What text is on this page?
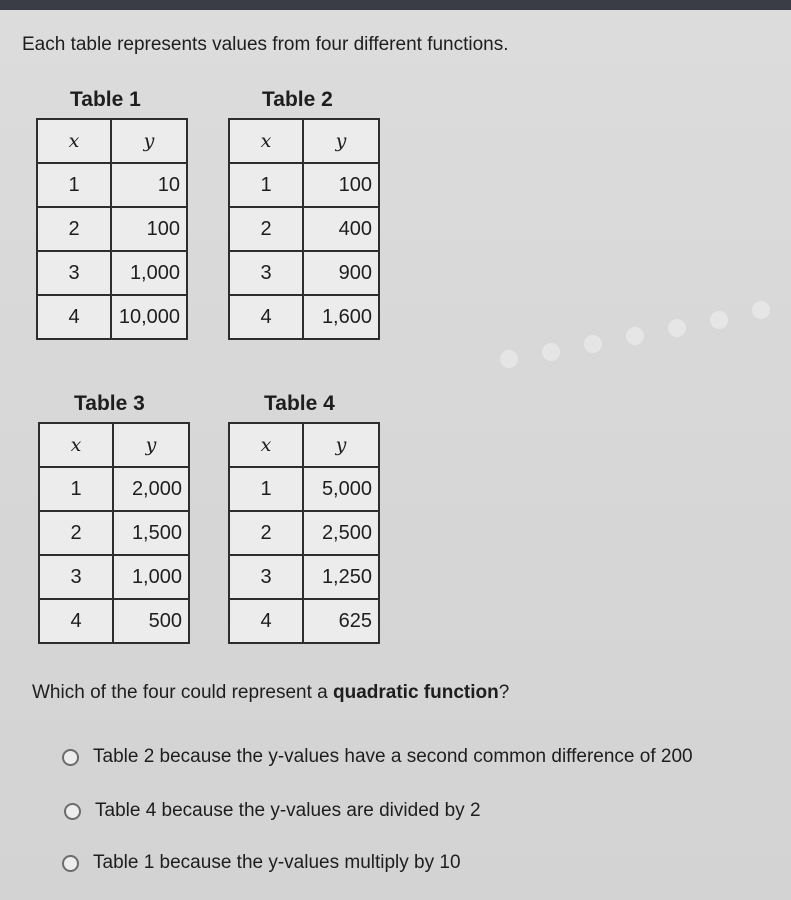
Each table represents values from four different functions.
Table 1
x	y
1	10
2	100
3	1,000
4	10,000
Table 2
x	y
1	100
2	400
3	900
4	1,600
Table 3
x	y
1	2,000
2	1,500
3	1,000
4	500
Table 4
x	y
1	5,000
2	2,500
3	1,250
4	625
Which of the four could represent a quadratic function?
Table 2 because the y-values have a second common difference of 200
Table 4 because the y-values are divided by 2
Table 1 because the y-values multiply by 10
